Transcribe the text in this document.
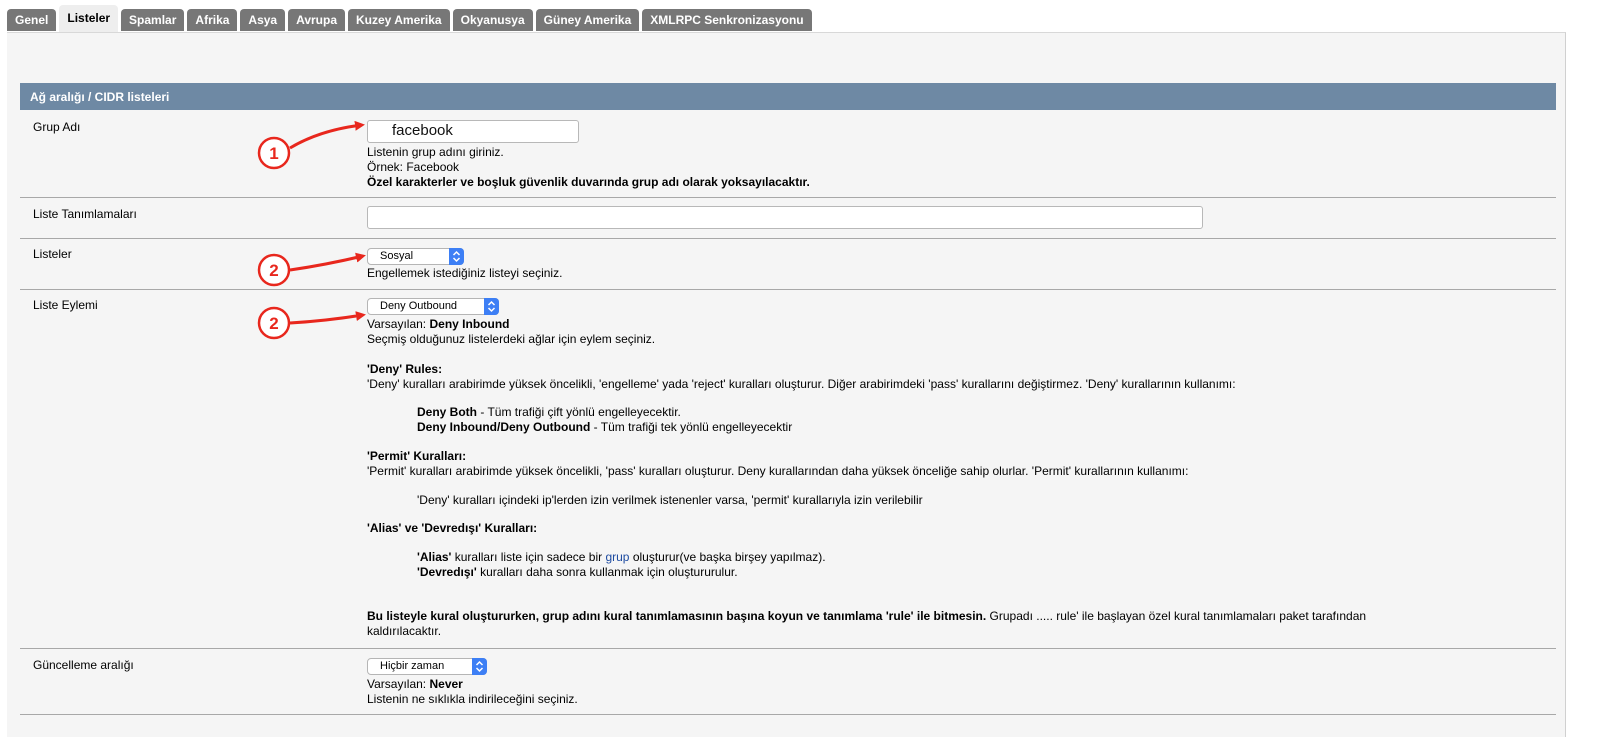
Genel	Listeler	Spamlar	Afrika	Asya	Avrupa	Kuzey Amerika	Okyanusya	Güney Amerika	XMLRPC Senkronizasyonu
Ağ aralığı / CIDR listeleri
Grup Adı	facebook
Listenin grup adını giriniz.
Örnek: Facebook
Özel karakterler ve boşluk güvenlik duvarında grup adı olarak yoksayılacaktır.
Liste Tanımlamaları
Listeler	Sosyal
Engellemek istediğiniz listeyi seçiniz.
Liste Eylemi	Deny Outbound
Varsayılan: Deny Inbound
Seçmiş olduğunuz listelerdeki ağlar için eylem seçiniz.
'Deny' Rules:
'Deny' kuralları arabirimde yüksek öncelikli, 'engelleme' yada 'reject' kuralları oluşturur. Diğer arabirimdeki 'pass' kurallarını değiştirmez. 'Deny' kurallarının kullanımı:
Deny Both - Tüm trafiği çift yönlü engelleyecektir.
Deny Inbound/Deny Outbound - Tüm trafiği tek yönlü engelleyecektir
'Permit' Kuralları:
'Permit' kuralları arabirimde yüksek öncelikli, 'pass' kuralları oluşturur. Deny kurallarından daha yüksek önceliğe sahip olurlar. 'Permit' kurallarının kullanımı:
'Deny' kuralları içindeki ip'lerden izin verilmek istenenler varsa, 'permit' kurallarıyla izin verilebilir
'Alias' ve 'Devredışı' Kuralları:
'Alias' kuralları liste için sadece bir grup oluşturur(ve başka birşey yapılmaz).
'Devredışı' kuralları daha sonra kullanmak için oluştururulur.
Bu listeyle kural oluştururken, grup adını kural tanımlamasının başına koyun ve tanımlama 'rule' ile bitmesin. Grupadı ..... rule' ile başlayan özel kural tanımlamaları paket tarafından
kaldırılacaktır.
Güncelleme aralığı	Hiçbir zaman
Varsayılan: Never
Listenin ne sıklıkla indirileceğini seçiniz.
1
2
2
